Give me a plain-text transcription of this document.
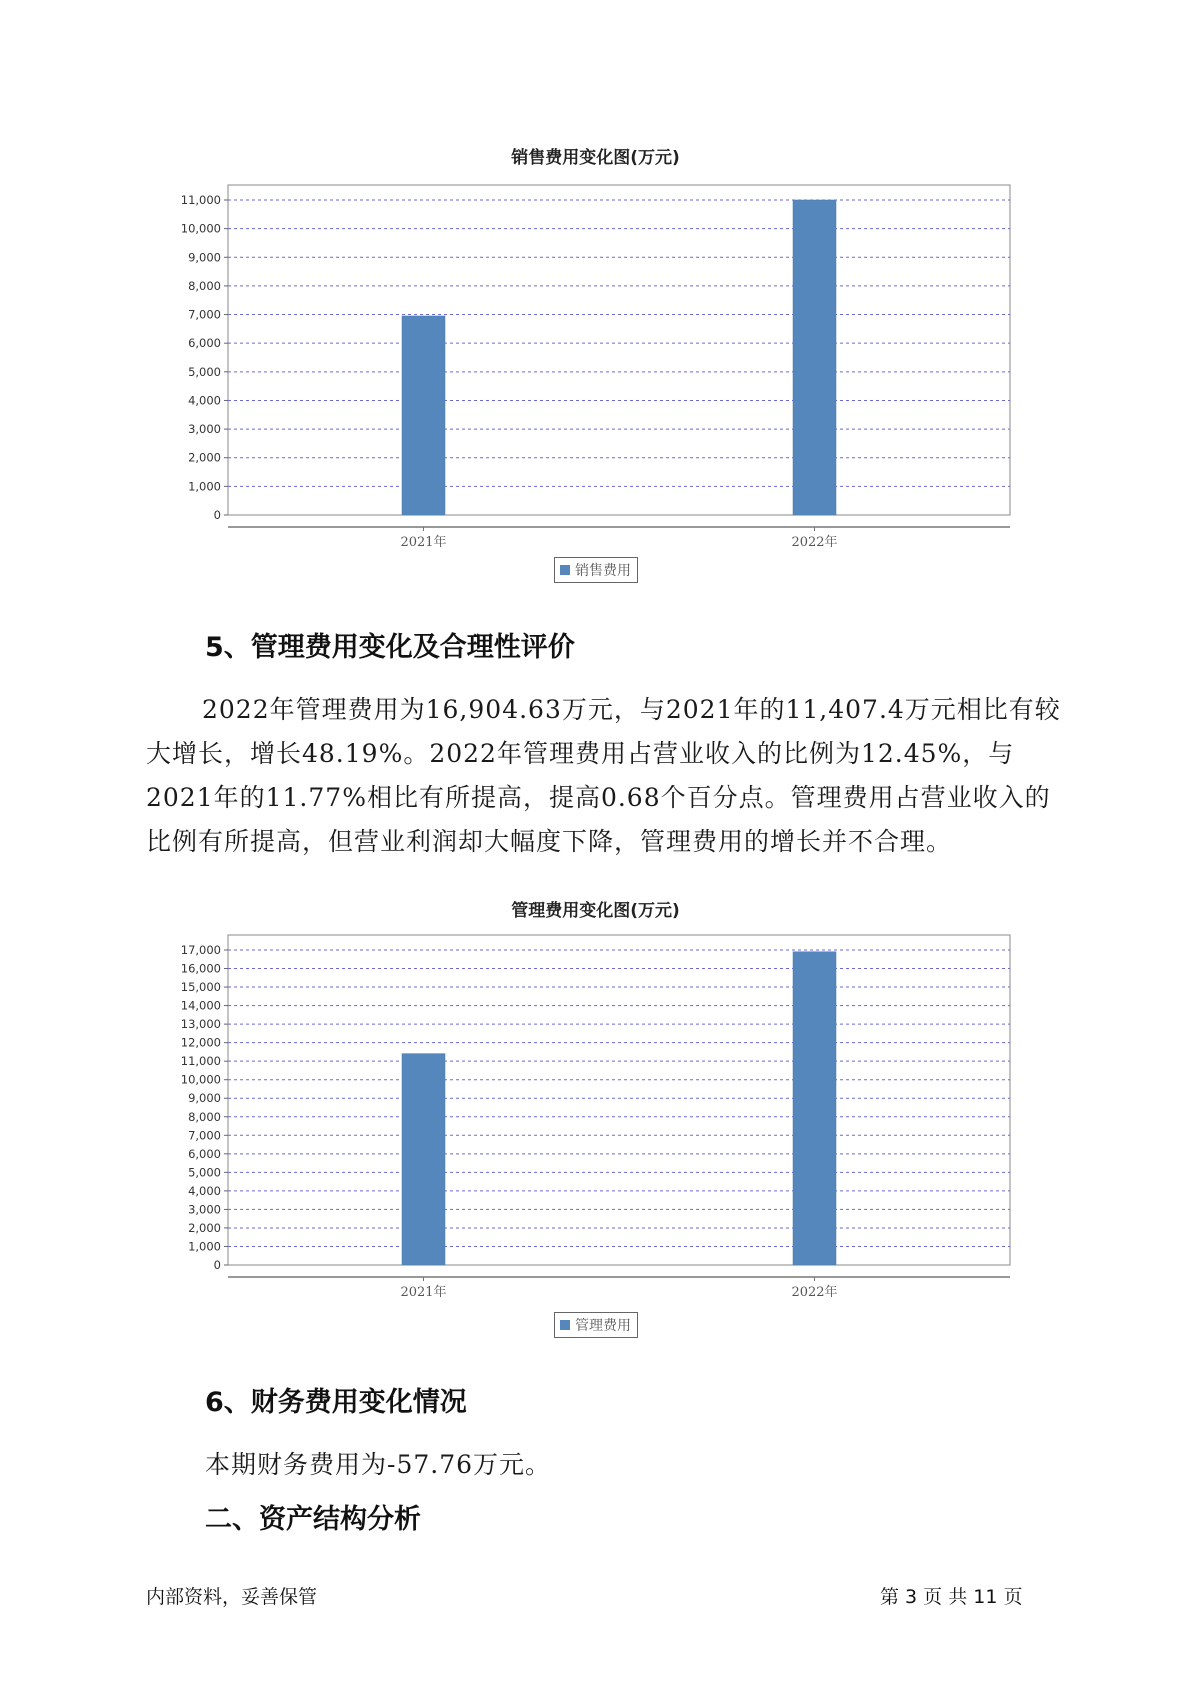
销售费用变化图(万元)
0
1,000
2,000
3,000
4,000
5,000
6,000
7,000
8,000
9,000
10,000
11,000
2021年	2022年
销售费用
5、管理费用变化及合理性评价

2022年管理费用为16,904.63万元，与2021年的11,407.4万元相比有较大增长，增长48.19%。2022年管理费用占营业收入的比例为12.45%，与2021年的11.77%相比有所提高，提高0.68个百分点。管理费用占营业收入的比例有所提高，但营业利润却大幅度下降，管理费用的增长并不合理。

管理费用变化图(万元)
0
1,000
2,000
3,000
4,000
5,000
6,000
7,000
8,000
9,000
10,000
11,000
12,000
13,000
14,000
15,000
16,000
17,000
2021年	2022年
管理费用
6、财务费用变化情况

本期财务费用为-57.76万元。

二、资产结构分析
内部资料，妥善保管	第 3 页 共 11 页
